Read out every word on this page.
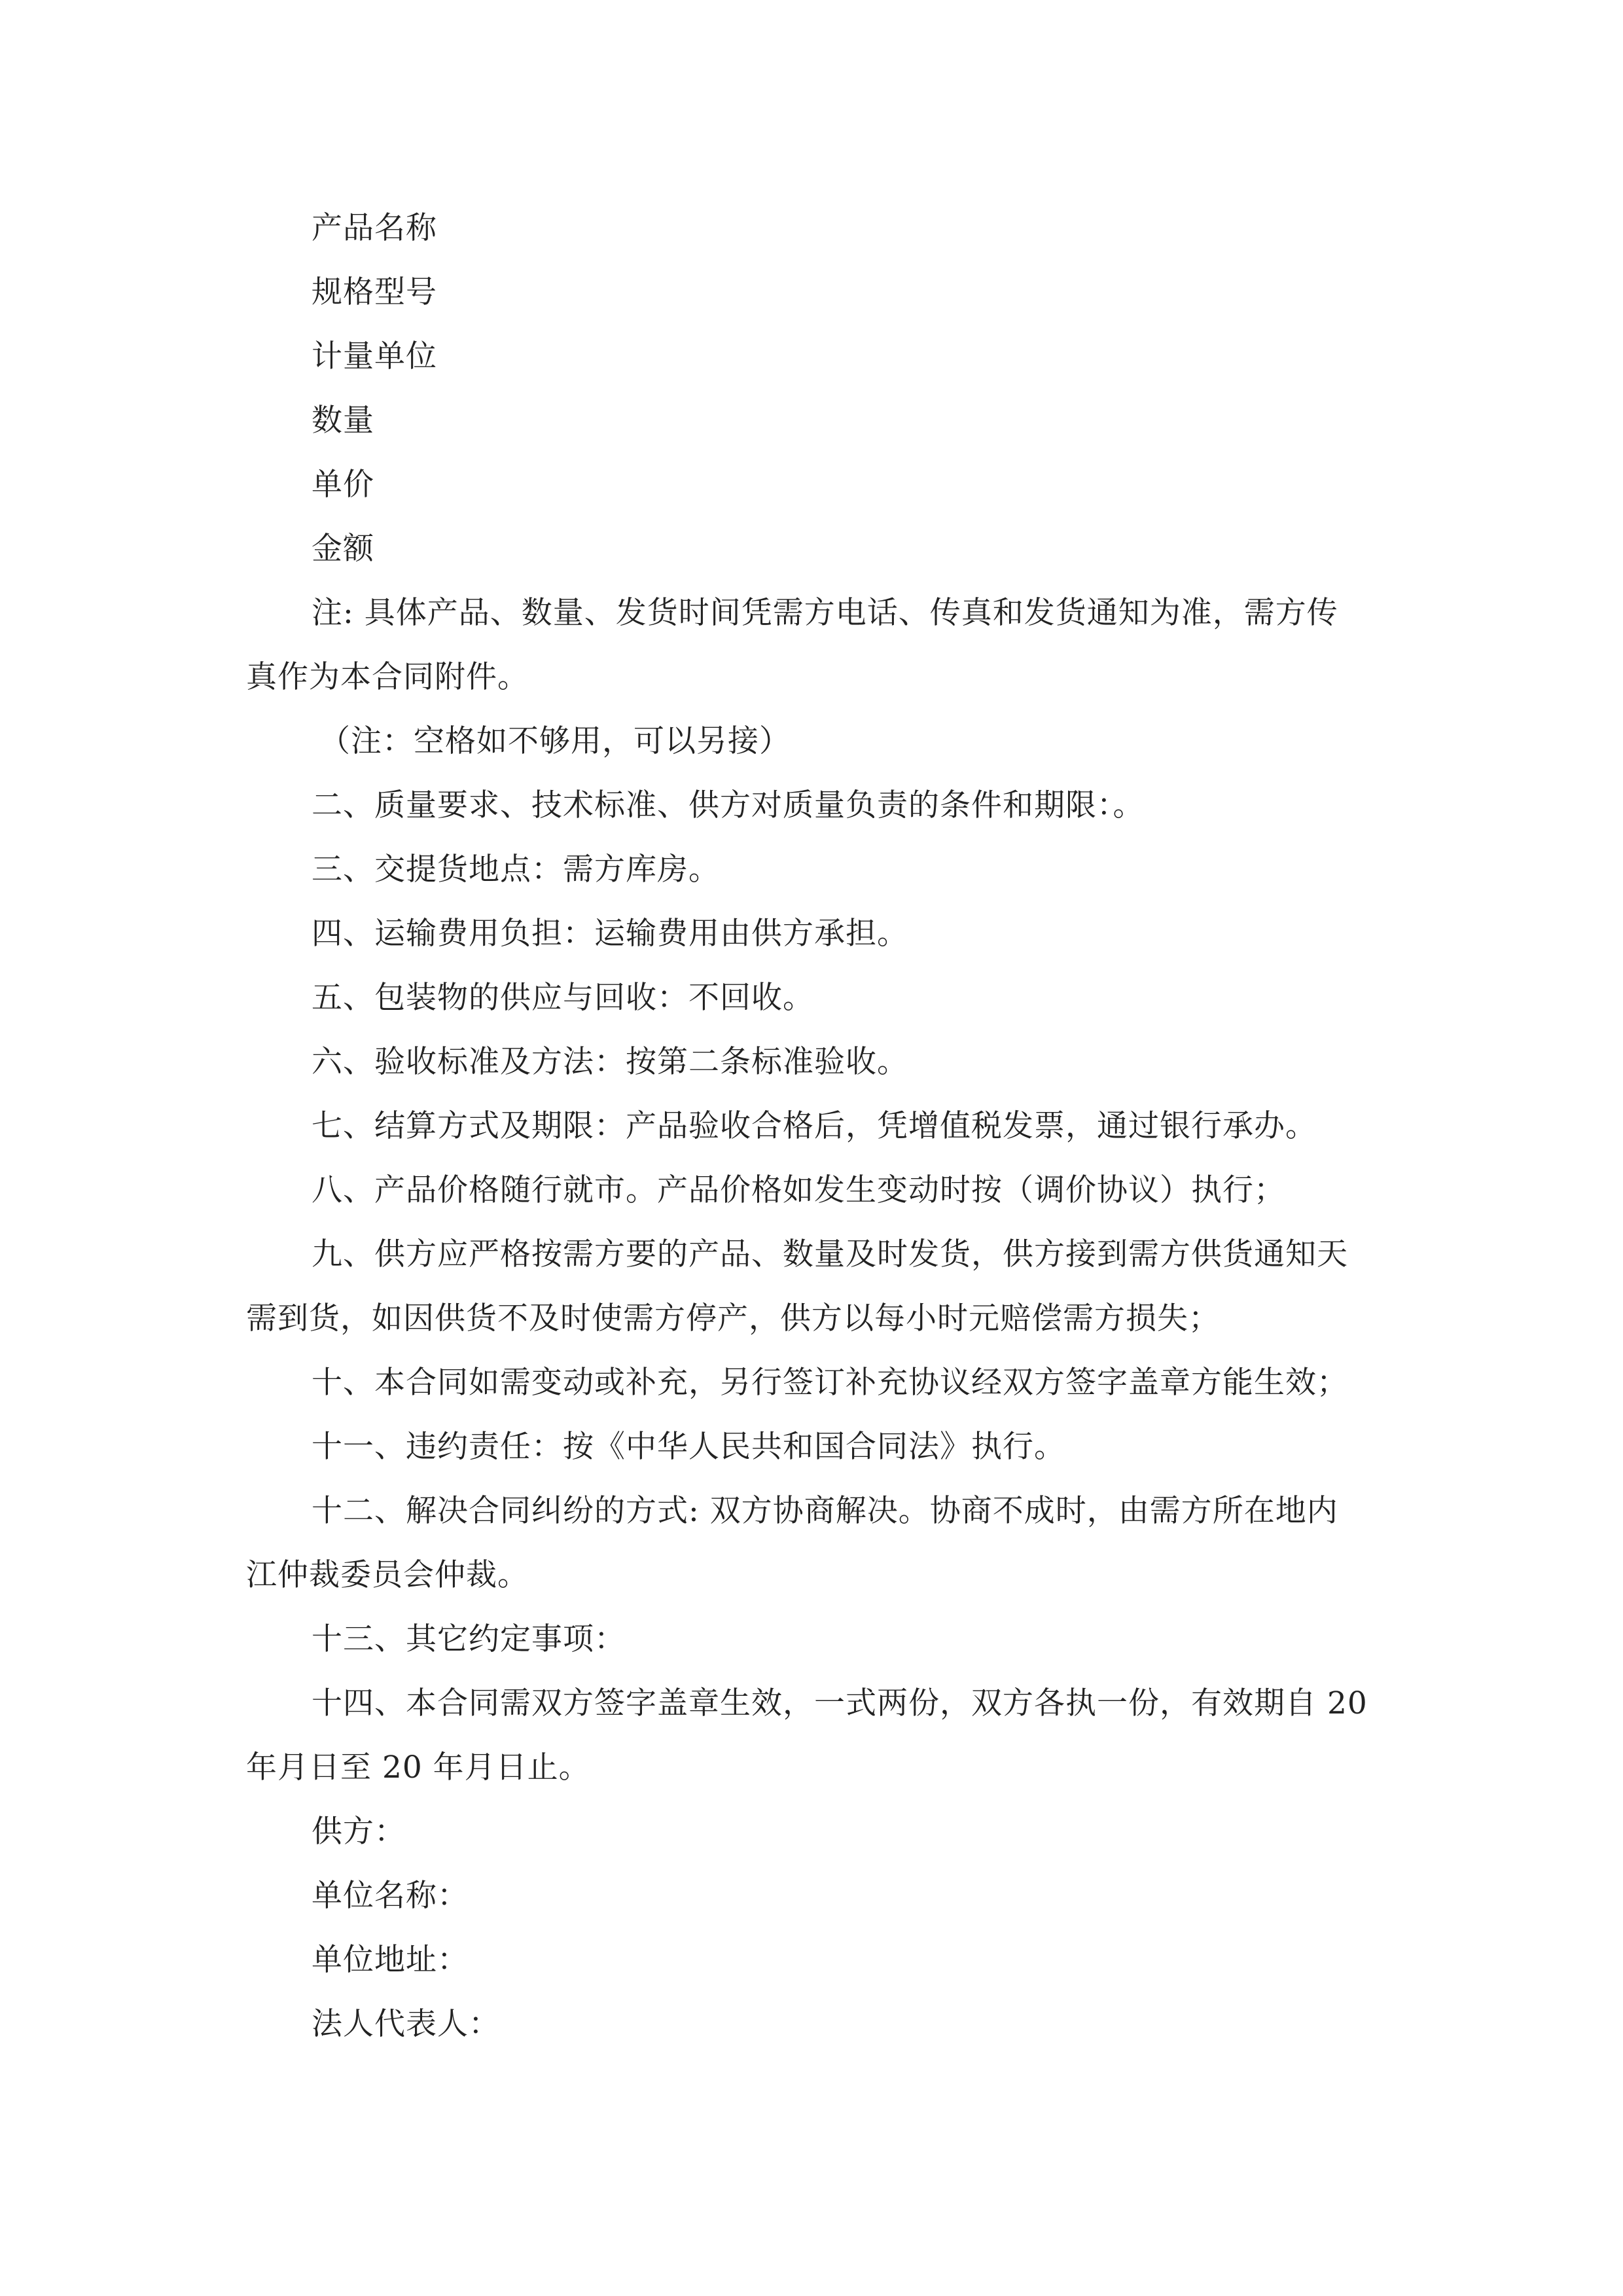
产品名称
规格型号
计量单位
数量
单价
金额
注: 具体产品、数量、发货时间凭需方电话、传真和发货通知为准，需方传
真作为本合同附件。
（注：空格如不够用，可以另接）
二、质量要求、技术标准、供方对质量负责的条件和期限：。
三、交提货地点：需方库房。
四、运输费用负担：运输费用由供方承担。
五、包装物的供应与回收：不回收。
六、验收标准及方法：按第二条标准验收。
七、结算方式及期限：产品验收合格后，凭增值税发票，通过银行承办。
八、产品价格随行就市。产品价格如发生变动时按（调价协议）执行；
九、供方应严格按需方要的产品、数量及时发货，供方接到需方供货通知天
需到货，如因供货不及时使需方停产，供方以每小时元赔偿需方损失；
十、本合同如需变动或补充，另行签订补充协议经双方签字盖章方能生效；
十一、违约责任：按《中华人民共和国合同法》执行。
十二、解决合同纠纷的方式: 双方协商解决。协商不成时，由需方所在地内
江仲裁委员会仲裁。
十三、其它约定事项：
十四、本合同需双方签字盖章生效，一式两份，双方各执一份，有效期自 20
年月日至 20 年月日止。
供方：
单位名称：
单位地址：
法人代表人：
